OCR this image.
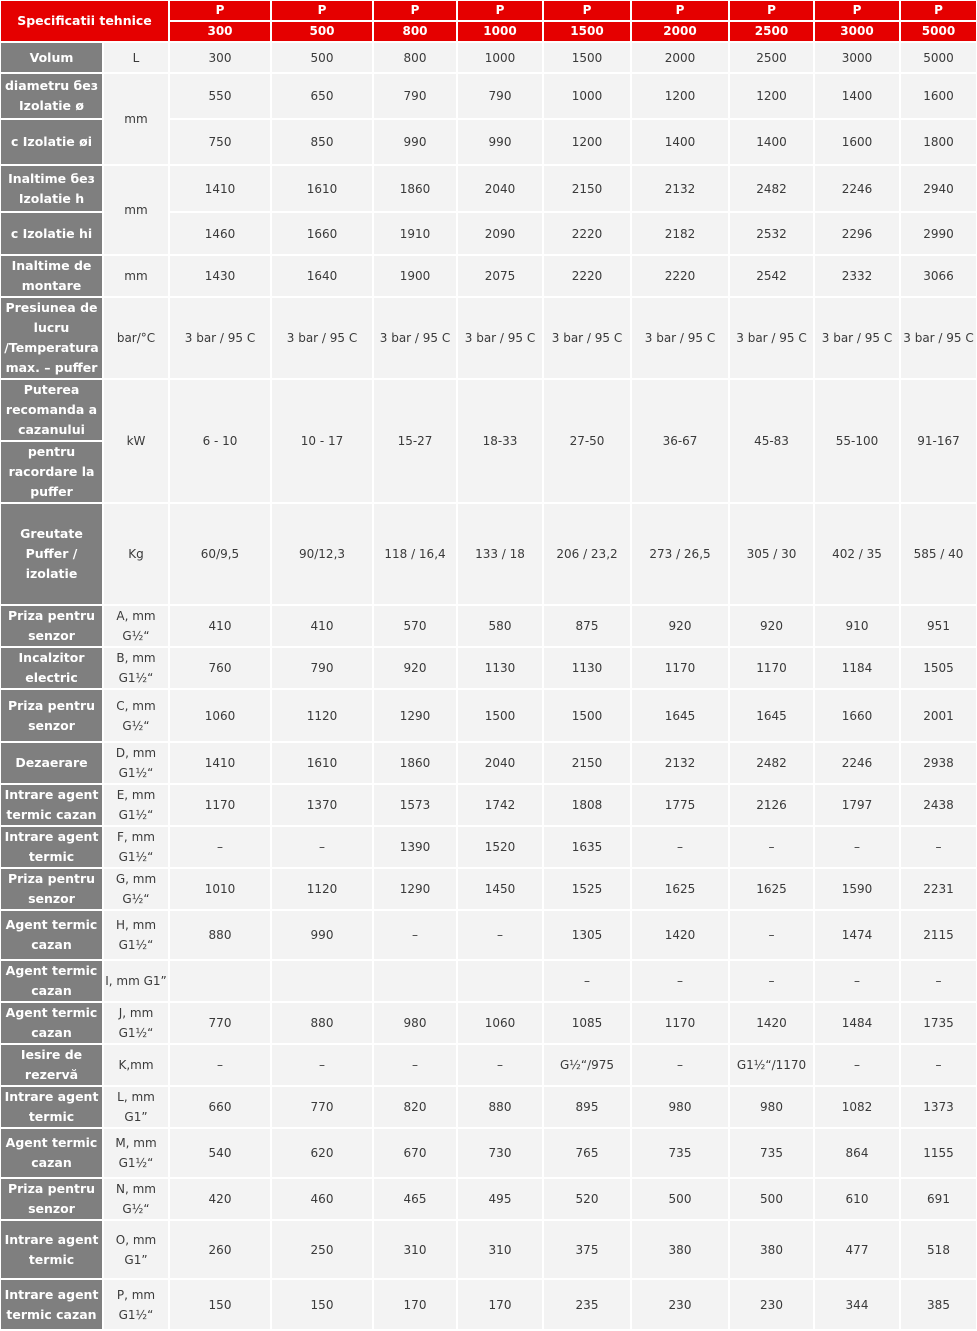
Specificatii tehnice		P	P	P	P	P	P	P	P	P
		300	500	800	1000	1500	2000	2500	3000	5000
Volum	L	300	500	800	1000	1500	2000	2500	3000	5000
diametru без Izolatie ø	mm	550	650	790	790	1000	1200	1200	1400	1600
c Izolatie øi		750	850	990	990	1200	1400	1400	1600	1800
Inaltime без Izolatie h	mm	1410	1610	1860	2040	2150	2132	2482	2246	2940
c Izolatie hi		1460	1660	1910	2090	2220	2182	2532	2296	2990
Inaltime de montare	mm	1430	1640	1900	2075	2220	2220	2542	2332	3066
Presiunea de lucru /Temperatura max. – puffer	bar/°C	3 bar / 95 C	3 bar / 95 C	3 bar / 95 C	3 bar / 95 C	3 bar / 95 C	3 bar / 95 C	3 bar / 95 C	3 bar / 95 C	3 bar / 95 C
Puterea recomanda a cazanului	kW	6 - 10	10 - 17	15-27	18-33	27-50	36-67	45-83	55-100	91-167
pentru racordare la puffer										
Greutate Puffer / izolatie	Kg	60/9,5	90/12,3	118 / 16,4	133 / 18	206 / 23,2	273 / 26,5	305 / 30	402 / 35	585 / 40
Priza pentru senzor	A, mm G½“	410	410	570	580	875	920	920	910	951
Incalzitor electric	B, mm G1½“	760	790	920	1130	1130	1170	1170	1184	1505
Priza pentru senzor	C, mm G½“	1060	1120	1290	1500	1500	1645	1645	1660	2001
Dezaerare	D, mm G1½“	1410	1610	1860	2040	2150	2132	2482	2246	2938
Intrare agent termic cazan	E, mm G1½“	1170	1370	1573	1742	1808	1775	2126	1797	2438
Intrare agent termic	F, mm G1½“	–	–	1390	1520	1635	–	–	–	–
Priza pentru senzor	G, mm G½“	1010	1120	1290	1450	1525	1625	1625	1590	2231
Agent termic cazan	H, mm G1½“	880	990	–	–	1305	1420	–	1474	2115
Agent termic cazan	I, mm G1”					–	–	–	–	–
Agent termic cazan	J, mm G1½“	770	880	980	1060	1085	1170	1420	1484	1735
Iesire de rezervă	K,mm	–	–	–	–	G½“/975	–	G1½“/1170	–	–
Intrare agent termic	L, mm G1”	660	770	820	880	895	980	980	1082	1373
Agent termic cazan	M, mm G1½“	540	620	670	730	765	735	735	864	1155
Priza pentru senzor	N, mm G½“	420	460	465	495	520	500	500	610	691
Intrare agent termic	O, mm G1”	260	250	310	310	375	380	380	477	518
Intrare agent termic cazan	P, mm G1½“	150	150	170	170	235	230	230	344	385
